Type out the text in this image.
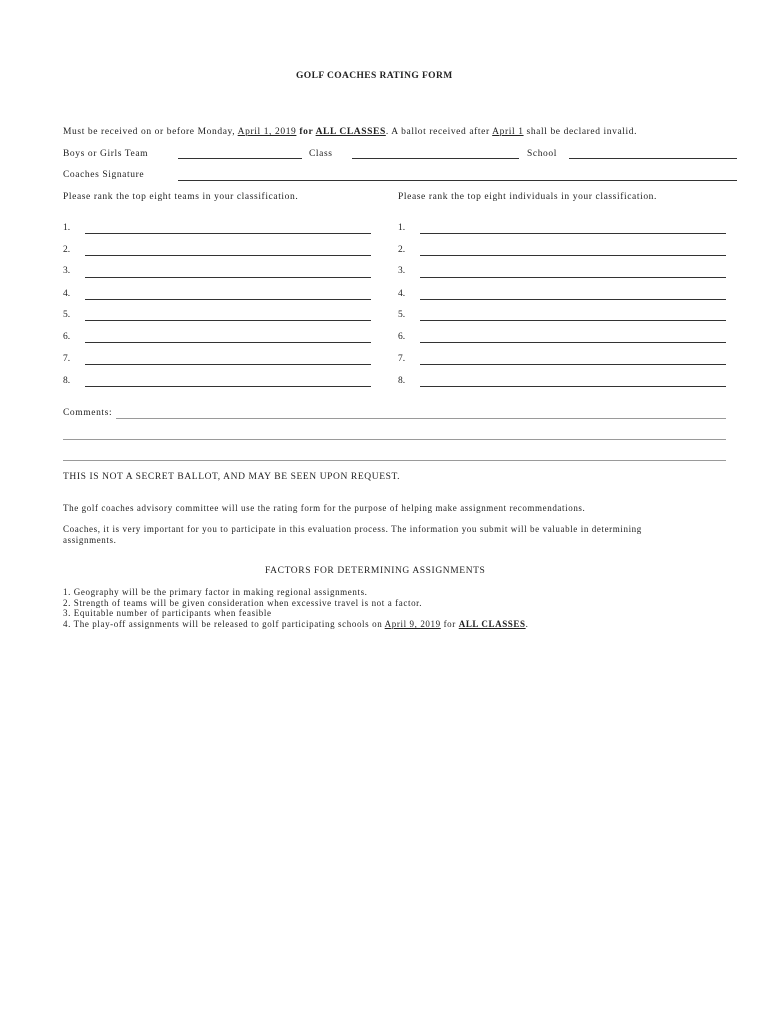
GOLF COACHES RATING FORM
Must be received on or before Monday, April 1, 2019 for ALL CLASSES. A ballot received after April 1 shall be declared invalid.
Boys or Girls Team	Class	School
Coaches Signature
Please rank the top eight teams in your classification.	Please rank the top eight individuals in your classification.
1.
2.
3.
4.
5.
6.
7.
8.
1.
2.
3.
4.
5.
6.
7.
8.
Comments:
THIS IS NOT A SECRET BALLOT, AND MAY BE SEEN UPON REQUEST.
The golf coaches advisory committee will use the rating form for the purpose of helping make assignment recommendations.
Coaches, it is very important for you to participate in this evaluation process. The information you submit will be valuable in determining
assignments.
FACTORS FOR DETERMINING ASSIGNMENTS
1. Geography will be the primary factor in making regional assignments.
2. Strength of teams will be given consideration when excessive travel is not a factor.
3. Equitable number of participants when feasible
4. The play-off assignments will be released to golf participating schools on April 9, 2019 for ALL CLASSES.
